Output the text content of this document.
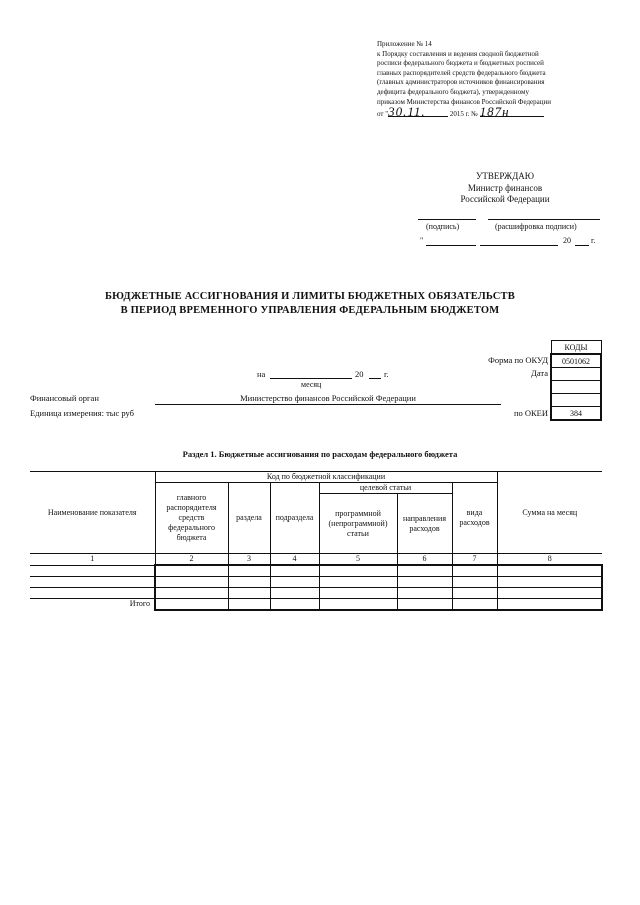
Приложение № 14
к Порядку составления и ведения сводной бюджетной
росписи федерального бюджета и бюджетных росписей
главных распорядителей средств федерального бюджета
(главных администраторов источников финансирования
дефицита федерального бюджета), утвержденному
приказом Министерства финансов Российской Федерации
от "30.11.	2015 г. № 187н
УТВЕРЖДАЮ
Министр финансов
Российской Федерации
(подпись)	(расшифровка подписи)
"	20	г.
БЮДЖЕТНЫЕ АССИГНОВАНИЯ И ЛИМИТЫ БЮДЖЕТНЫХ ОБЯЗАТЕЛЬСТВ
В ПЕРИОД ВРЕМЕННОГО УПРАВЛЕНИЯ ФЕДЕРАЛЬНЫМ БЮДЖЕТОМ
КОДЫ
0501062

384
Форма по ОКУД
Дата
по ОКЕИ
на	20 г.
месяц
Финансовый орган	Министерство финансов Российской Федерации
Единица измерения: тыс руб
Раздел 1. Бюджетные ассигнования по расходам федерального бюджета
Наименование показателя	Код по бюджетной классификации						Сумма на месяц
	главного распорядителя средств федерального бюджета	раздела	подраздела	целевой статьи		вида расходов	
				программной (непрограммной) статьи	направления расходов		
1	2	3	4	5	6	7	8

Итого							
